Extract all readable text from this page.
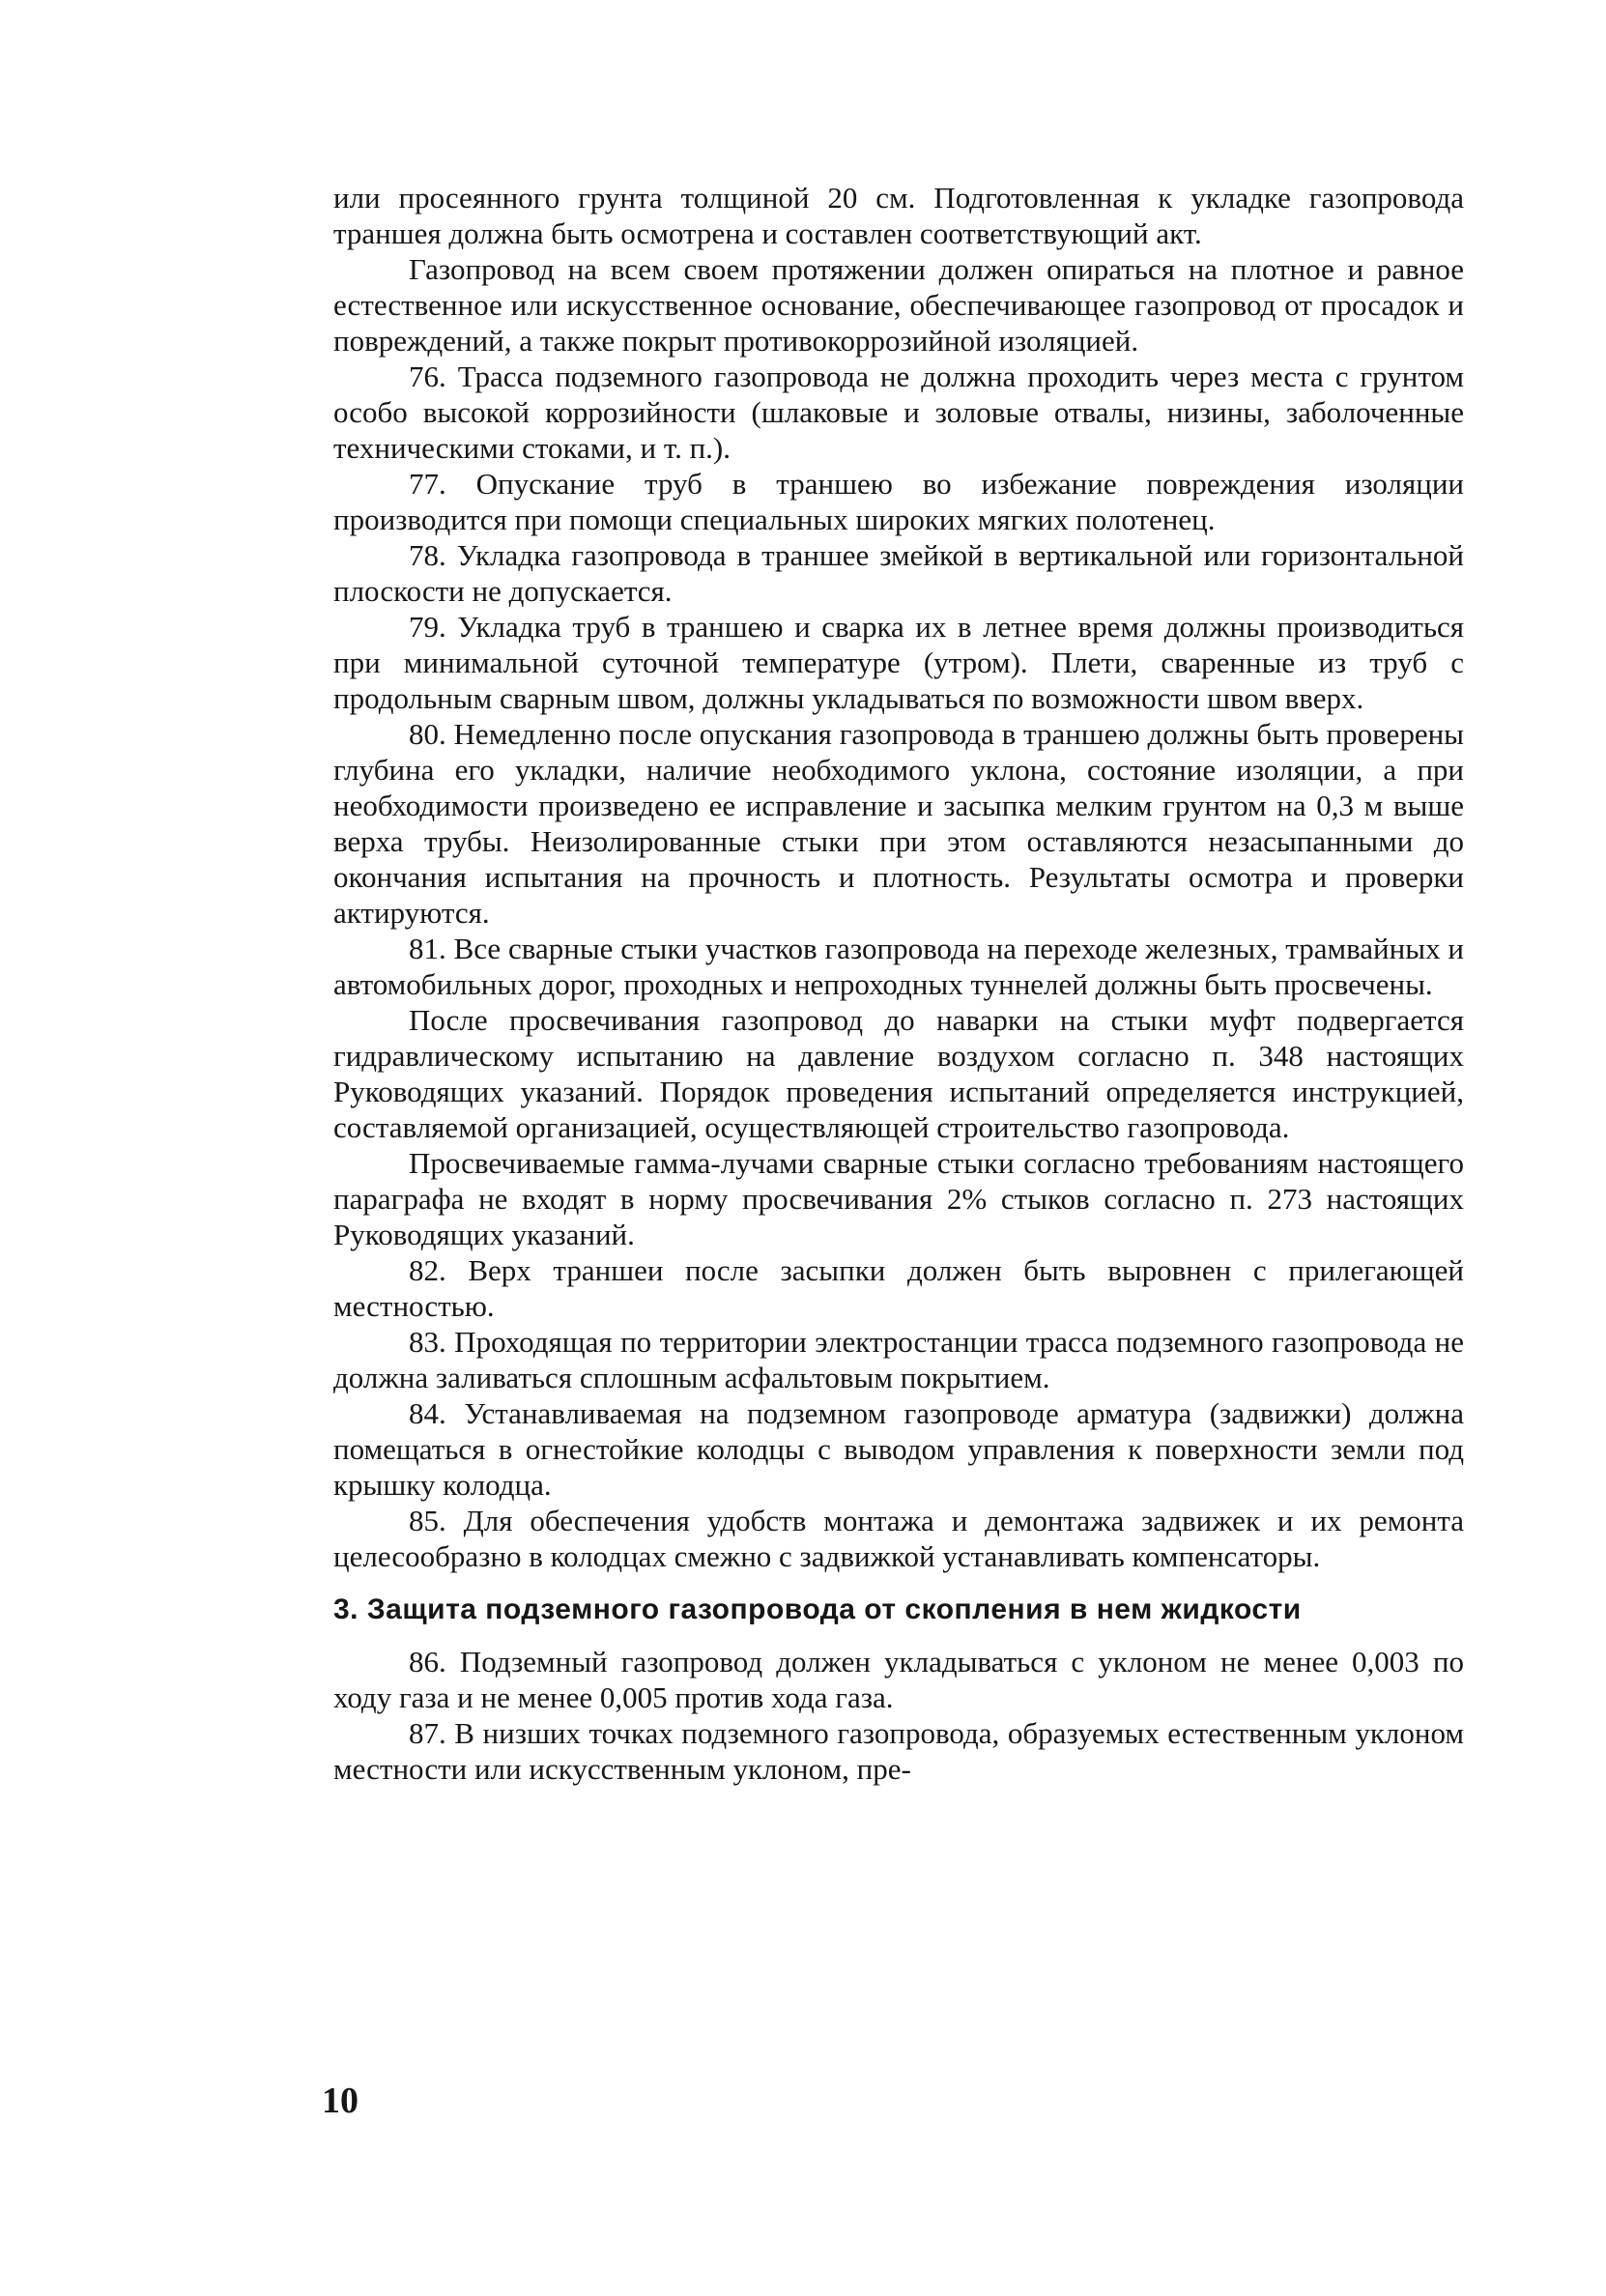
или просеянного грунта толщиной 20 см. Подготовленная к укладке газопровода траншея должна быть осмотрена и составлен соответствующий акт.

Газопровод на всем своем протяжении должен опираться на плотное и равное естественное или искусственное основание, обеспечивающее газопровод от просадок и повреждений, а также покрыт противокоррозийной изоляцией.

76. Трасса подземного газопровода не должна проходить через места с грунтом особо высокой коррозийности (шлаковые и золовые отвалы, низины, заболоченные техническими стоками, и т. п.).

77. Опускание труб в траншею во избежание повреждения изоляции производится при помощи специальных широких мягких полотенец.

78. Укладка газопровода в траншее змейкой в вертикальной или горизонтальной плоскости не допускается.

79. Укладка труб в траншею и сварка их в летнее время должны производиться при минимальной суточной температуре (утром). Плети, сваренные из труб с продольным сварным швом, должны укладываться по возможности швом вверх.

80. Немедленно после опускания газопровода в траншею должны быть проверены глубина его укладки, наличие необходимого уклона, состояние изоляции, а при необходимости произведено ее исправление и засыпка мелким грунтом на 0,3 м выше верха трубы. Неизолированные стыки при этом оставляются незасыпанными до окончания испытания на прочность и плотность. Результаты осмотра и проверки актируются.

81. Все сварные стыки участков газопровода на переходе железных, трамвайных и автомобильных дорог, проходных и непроходных туннелей должны быть просвечены.

После просвечивания газопровод до наварки на стыки муфт подвергается гидравлическому испытанию на давление воздухом согласно п. 348 настоящих Руководящих указаний. Порядок проведения испытаний определяется инструкцией, составляемой организацией, осуществляющей строительство газопровода.

Просвечиваемые гамма-лучами сварные стыки согласно требованиям настоящего параграфа не входят в норму просвечивания 2% стыков согласно п. 273 настоящих Руководящих указаний.

82. Верх траншеи после засыпки должен быть выровнен с прилегающей местностью.

83. Проходящая по территории электростанции трасса подземного газопровода не должна заливаться сплошным асфальтовым покрытием.

84. Устанавливаемая на подземном газопроводе арматура (задвижки) должна помещаться в огнестойкие колодцы с выводом управления к поверхности земли под крышку колодца.

85. Для обеспечения удобств монтажа и демонтажа задвижек и их ремонта целесообразно в колодцах смежно с задвижкой устанавливать компенсаторы.

3. Защита подземного газопровода от скопления в нем жидкости

86. Подземный газопровод должен укладываться с уклоном не менее 0,003 по ходу газа и не менее 0,005 против хода газа.

87. В низших точках подземного газопровода, образуемых естественным уклоном местности или искусственным уклоном, пре-

10
